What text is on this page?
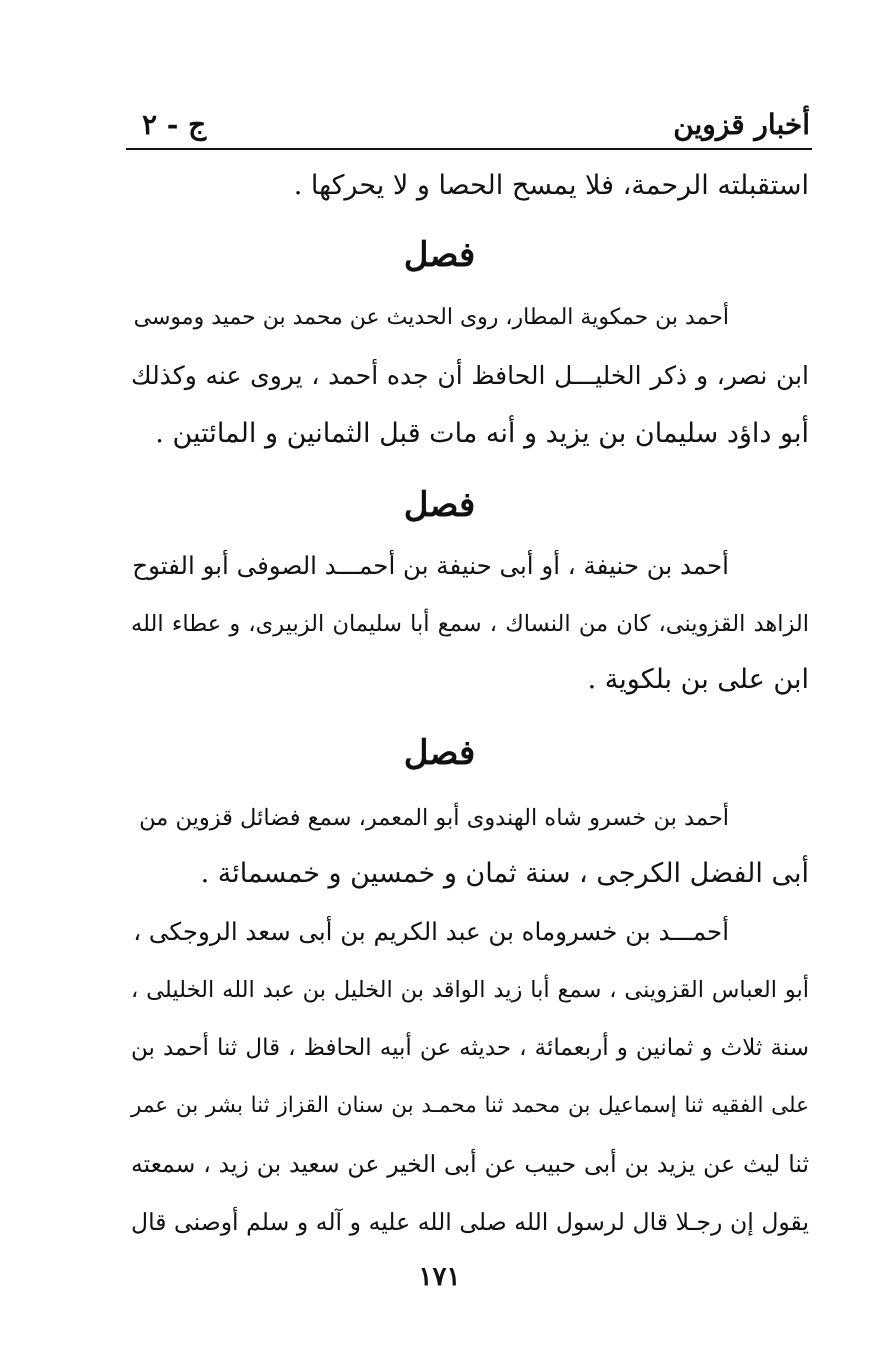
أخبار قزوين
ج - ٢
استقبلته الرحمة، فلا يمسح الحصا و لا يحركها .
فصل
أحمد بن حمكوية المطار، روى الحديث عن محمد بن حميد وموسى
ابن نصر، و ذكر الخليـــل الحافظ أن جده أحمد ، يروى عنه وكذلك
أبو داؤد سليمان بن يزيد و أنه مات قبل الثمانين و المائتين .
فصل
أحمد بن حنيفة ، أو أبى حنيفة بن أحمـــد الصوفى أبو الفتوح
الزاهد القزوينى، كان من النساك ، سمع أبا سليمان الزبيرى، و عطاء الله
ابن على بن بلكوية .
فصل
أحمد بن خسرو شاه الهندوى أبو المعمر، سمع فضائل قزوين من
أبى الفضل الكرجى ، سنة ثمان و خمسين و خمسمائة .
أحمـــد بن خسروماه بن عبد الكريم بن أبى سعد الروجكى ،
أبو العباس القزوينى ، سمع أبا زيد الواقد بن الخليل بن عبد الله الخليلى ،
سنة ثلاث و ثمانين و أربعمائة ، حديثه عن أبيه الحافظ ، قال ثنا أحمد بن
على الفقيه ثنا إسماعيل بن محمد ثنا محمـد بن سنان القزاز ثنا بشر بن عمر
ثنا ليث عن يزيد بن أبى حبيب عن أبى الخير عن سعيد بن زيد ، سمعته
يقول إن رجـلا قال لرسول الله صلى الله عليه و آله و سلم أوصنى قال
١٧١
